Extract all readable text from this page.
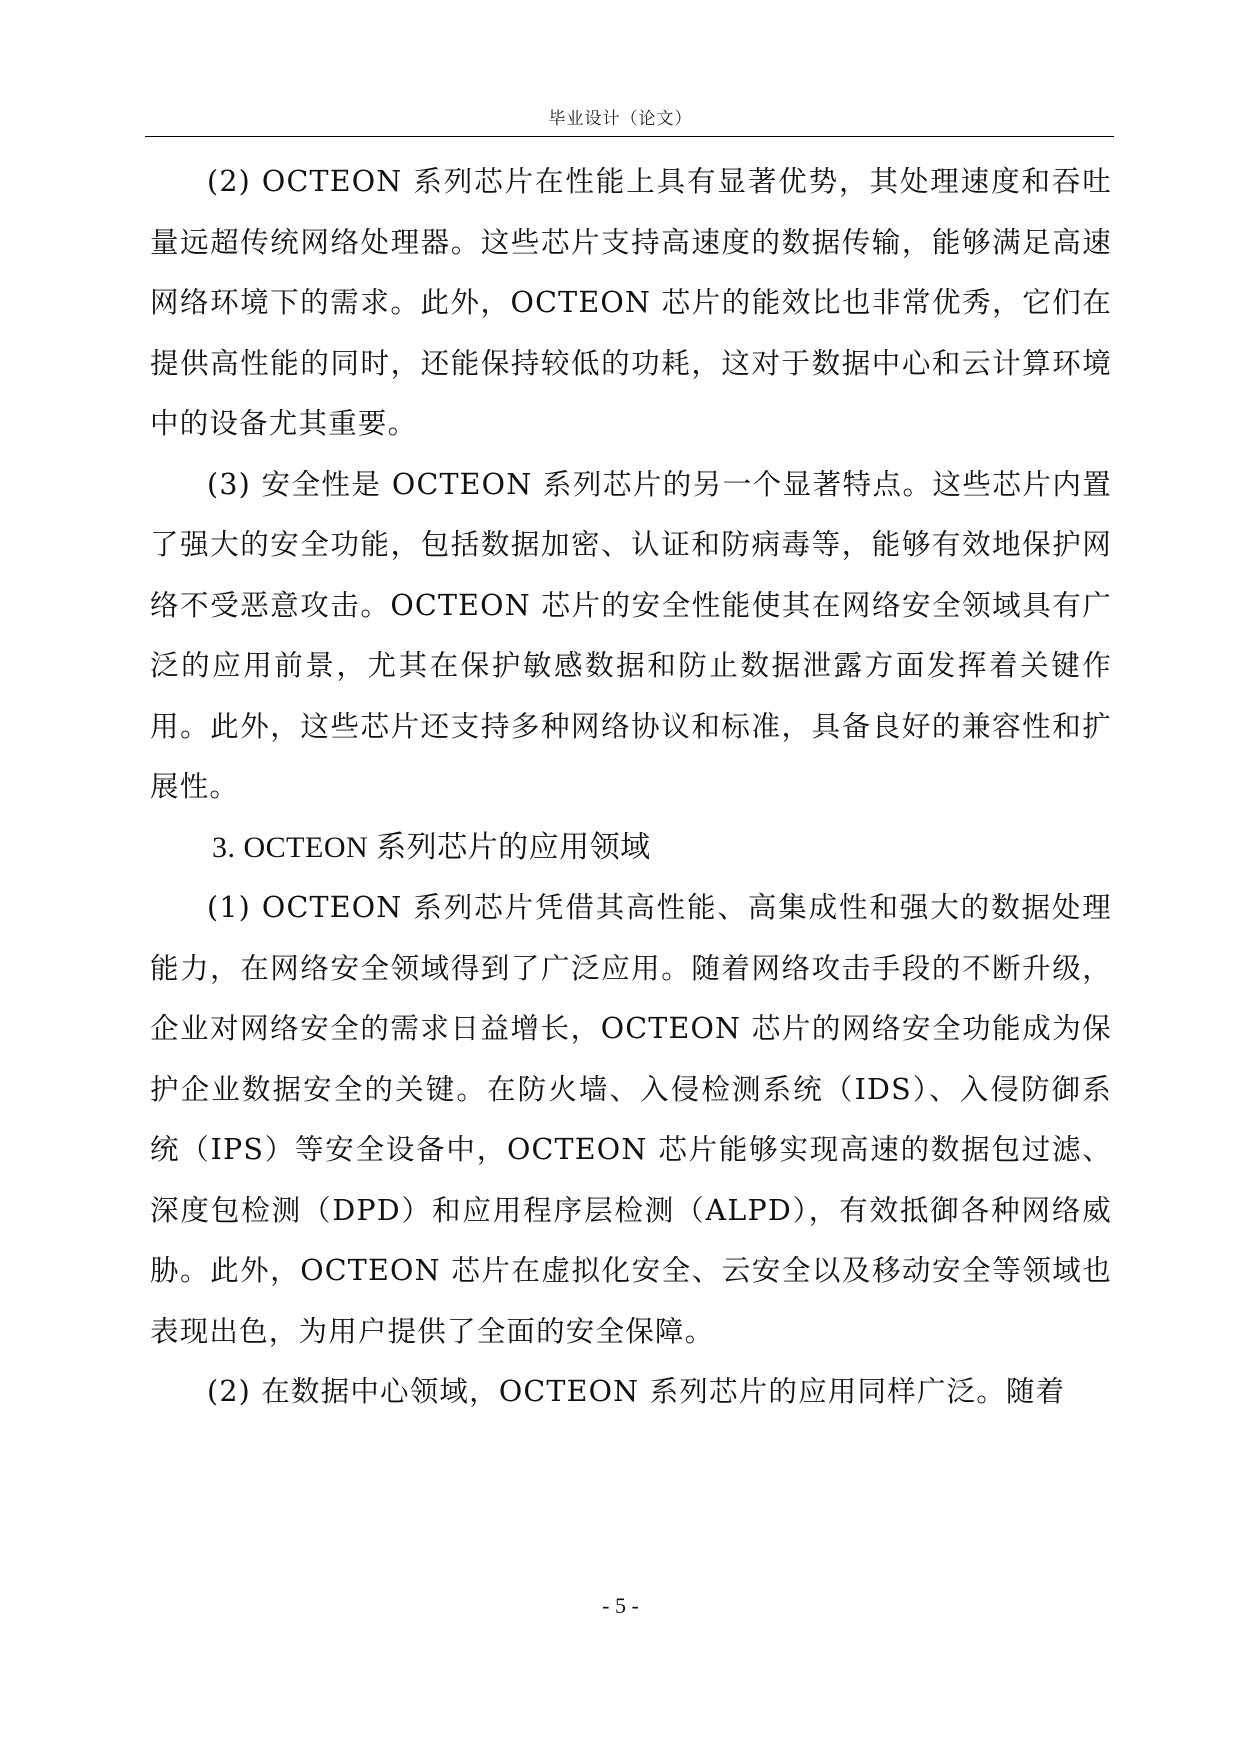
毕业设计（论文）

(2) OCTEON 系列芯片在性能上具有显著优势，其处理速度和吞吐量远超传统网络处理器。这些芯片支持高速度的数据传输，能够满足高速网络环境下的需求。此外，OCTEON 芯片的能效比也非常优秀，它们在提供高性能的同时，还能保持较低的功耗，这对于数据中心和云计算环境中的设备尤其重要。

(3) 安全性是 OCTEON 系列芯片的另一个显著特点。这些芯片内置了强大的安全功能，包括数据加密、认证和防病毒等，能够有效地保护网络不受恶意攻击。OCTEON 芯片的安全性能使其在网络安全领域具有广泛的应用前景，尤其在保护敏感数据和防止数据泄露方面发挥着关键作用。此外，这些芯片还支持多种网络协议和标准，具备良好的兼容性和扩展性。

3. OCTEON 系列芯片的应用领域

(1) OCTEON 系列芯片凭借其高性能、高集成性和强大的数据处理能力，在网络安全领域得到了广泛应用。随着网络攻击手段的不断升级，企业对网络安全的需求日益增长，OCTEON 芯片的网络安全功能成为保护企业数据安全的关键。在防火墙、入侵检测系统（IDS）、入侵防御系统（IPS）等安全设备中，OCTEON 芯片能够实现高速的数据包过滤、深度包检测（DPD）和应用程序层检测（ALPD），有效抵御各种网络威胁。此外，OCTEON 芯片在虚拟化安全、云安全以及移动安全等领域也表现出色，为用户提供了全面的安全保障。

(2) 在数据中心领域，OCTEON 系列芯片的应用同样广泛。随着

- 5 -
